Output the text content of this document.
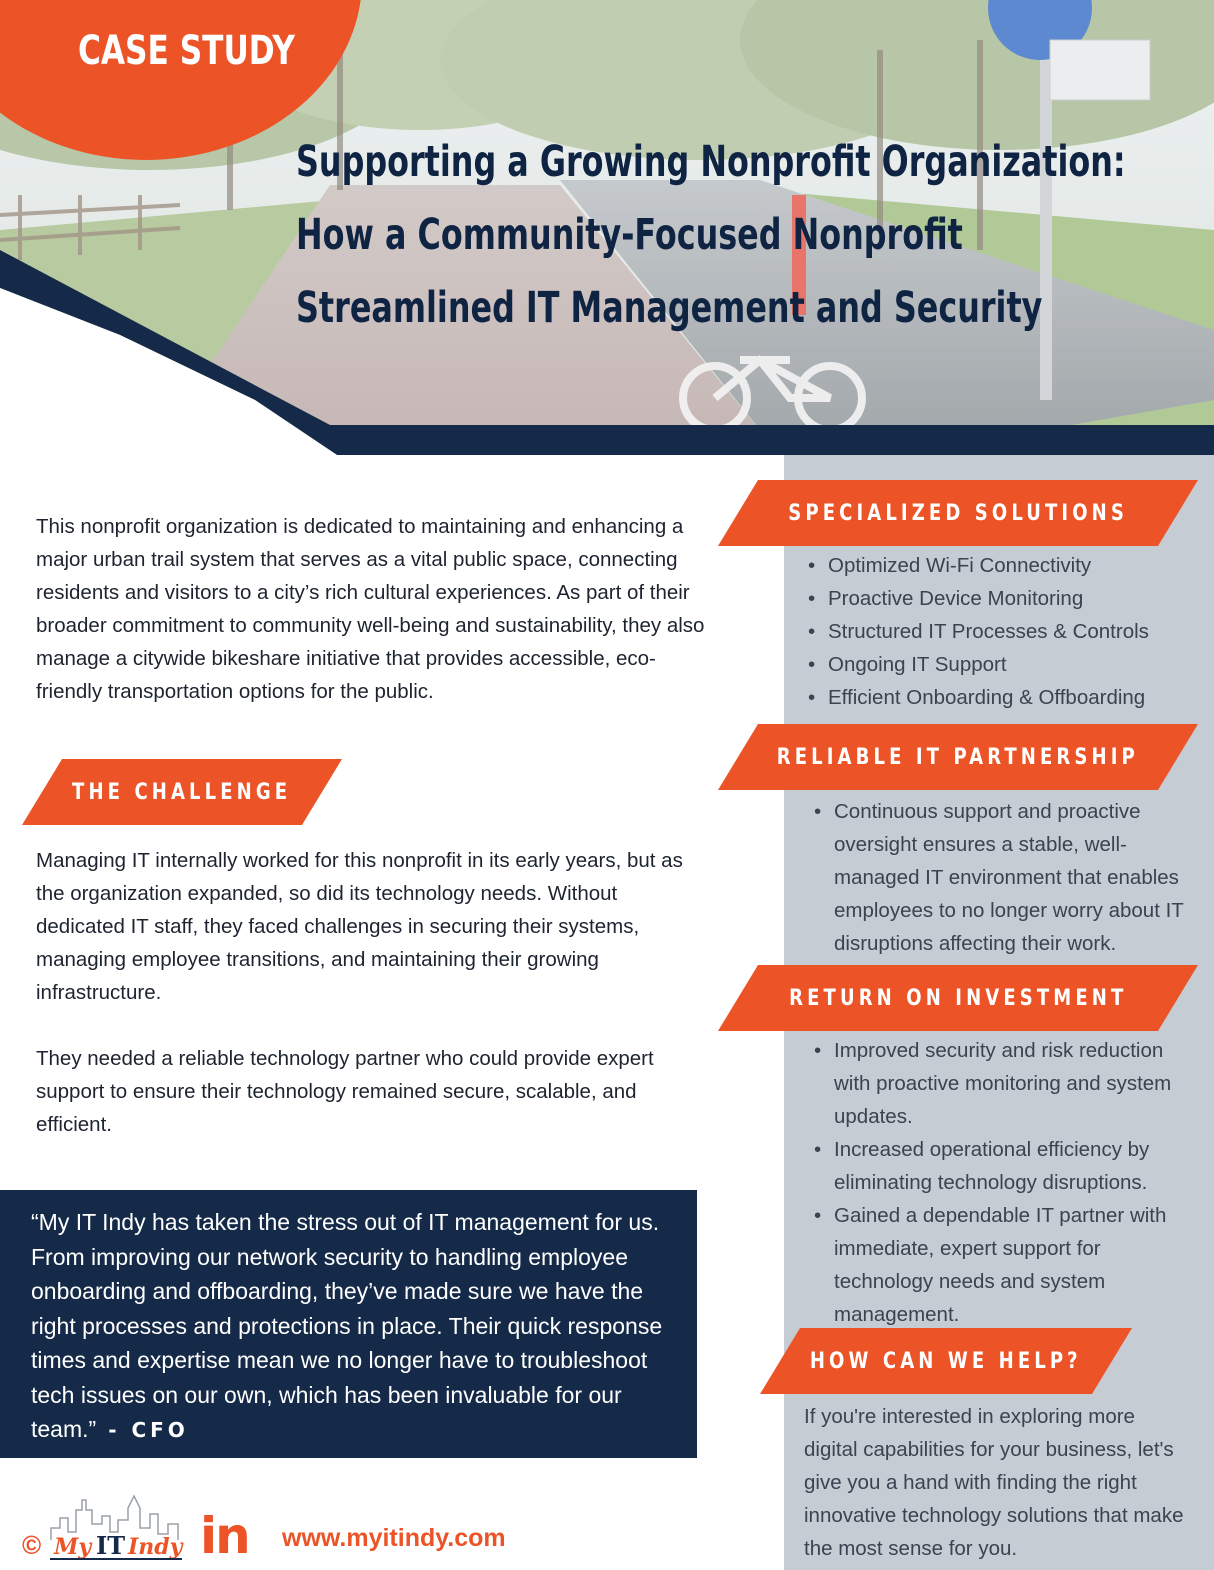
CASE STUDY
Supporting a Growing Nonprofit Organization:
How a Community-Focused Nonprofit
Streamlined IT Management and Security
SPECIALIZED SOLUTIONS
• Optimized Wi-Fi Connectivity
• Proactive Device Monitoring
• Structured IT Processes & Controls
• Ongoing IT Support
• Efficient Onboarding & Offboarding
RELIABLE IT PARTNERSHIP
• Continuous support and proactive oversight ensures a stable, well-managed IT environment that enables employees to no longer worry about IT disruptions affecting their work.
RETURN ON INVESTMENT
• Improved security and risk reduction with proactive monitoring and system updates.
• Increased operational efficiency by eliminating technology disruptions.
• Gained a dependable IT partner with immediate, expert support for technology needs and system management.
HOW CAN WE HELP?

If you're interested in exploring more digital capabilities for your business, let's give you a hand with finding the right innovative technology solutions that make the most sense for you.

This nonprofit organization is dedicated to maintaining and enhancing a major urban trail system that serves as a vital public space, connecting residents and visitors to a city’s rich cultural experiences. As part of their broader commitment to community well-being and sustainability, they also manage a citywide bikeshare initiative that provides accessible, eco-friendly transportation options for the public.

THE CHALLENGE

Managing IT internally worked for this nonprofit in its early years, but as the organization expanded, so did its technology needs. Without dedicated IT staff, they faced challenges in securing their systems, managing employee transitions, and maintaining their growing infrastructure.

They needed a reliable technology partner who could provide expert support to ensure their technology remained secure, scalable, and efficient.

“My IT Indy has taken the stress out of IT management for us. From improving our network security to handling employee onboarding and offboarding, they’ve made sure we have the right processes and protections in place. Their quick response times and expertise mean we no longer have to troubleshoot tech issues on our own, which has been invaluable for our team.” - CFO

© My IT Indy in www.myitindy.com
